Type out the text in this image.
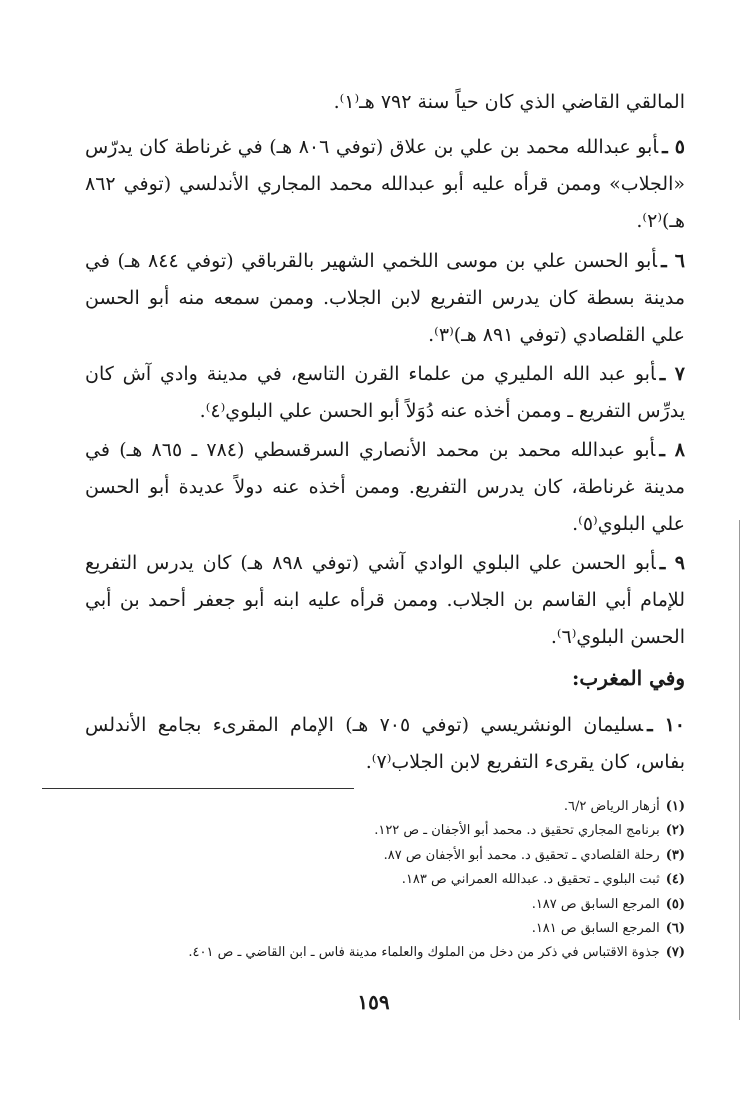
المالقي القاضي الذي كان حياً سنة ٧٩٢ هـ⁽١⁾.

٥ ـأبو عبدالله محمد بن علي بن علاق (توفي ٨٠٦ هـ) في غرناطة كان يدرّس «الجلاب» وممن قرأه عليه أبو عبدالله محمد المجاري الأندلسي (توفي ٨٦٢ هـ)⁽٢⁾.

٦ ـأبو الحسن علي بن موسى اللخمي الشهير بالقرباقي (توفي ٨٤٤ هـ) في مدينة بسطة كان يدرس التفريع لابن الجلاب. وممن سمعه منه أبو الحسن علي القلصادي (توفي ٨٩١ هـ)⁽٣⁾.

٧ ـأبو عبد الله المليري من علماء القرن التاسع، في مدينة وادي آش كان يدرِّس التفريع ـ وممن أخذه عنه دُوَلاً أبو الحسن علي البلوي⁽٤⁾.

٨ ـأبو عبدالله محمد بن محمد الأنصاري السرقسطي (٧٨٤ ـ ٨٦٥ هـ) في مدينة غرناطة، كان يدرس التفريع. وممن أخذه عنه دولاً عديدة أبو الحسن علي البلوي⁽٥⁾.

٩ ـأبو الحسن علي البلوي الوادي آشي (توفي ٨٩٨ هـ) كان يدرس التفريع للإمام أبي القاسم بن الجلاب. وممن قرأه عليه ابنه أبو جعفر أحمد بن أبي الحسن البلوي⁽٦⁾.

وفي المغرب:

١٠ ـسليمان الونشريسي (توفي ٧٠٥ هـ) الإمام المقرىء بجامع الأندلس بفاس، كان يقرىء التفريع لابن الجلاب⁽٧⁾.

(١)أزهار الرياض ٦/٢.
(٢)برنامج المجاري تحقيق د. محمد أبو الأجفان ـ ص ١٢٢.
(٣)رحلة القلصادي ـ تحقيق د. محمد أبو الأجفان ص ٨٧.
(٤)ثبت البلوي ـ تحقيق د. عبدالله العمراني ص ١٨٣.
(٥)المرجع السابق ص ١٨٧.
(٦)المرجع السابق ص ١٨١.
(٧)جذوة الاقتباس في ذكر من دخل من الملوك والعلماء مدينة فاس ـ ابن القاضي ـ ص ٤٠١.
١٥٩
